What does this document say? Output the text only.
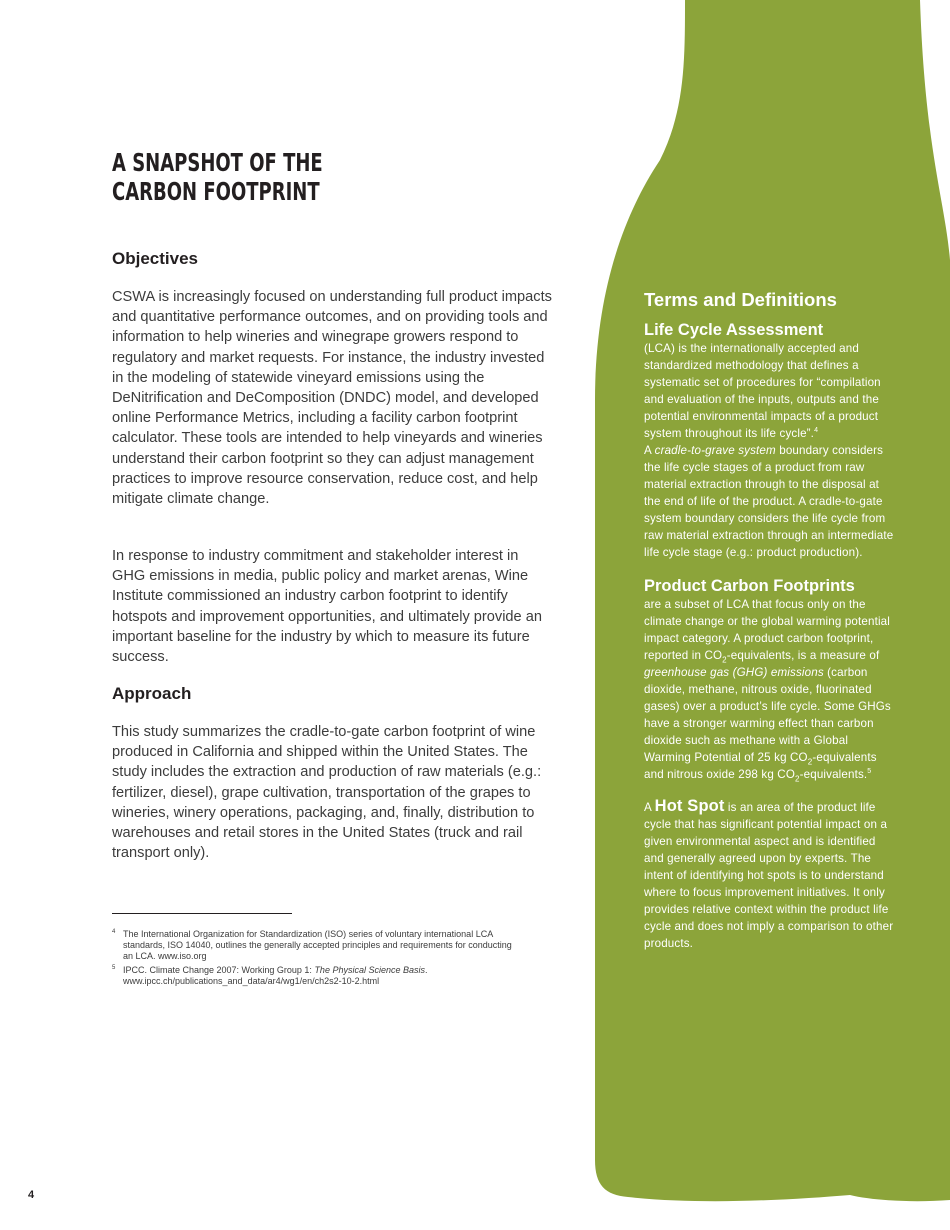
A SNAPSHOT OF THE
CARBON FOOTPRINT
Objectives
CSWA is increasingly focused on understanding full product impacts and quantitative performance outcomes, and on providing tools and information to help wineries and winegrape growers respond to regulatory and market requests. For instance, the industry invested in the modeling of statewide vineyard emissions using the DeNitrification and DeComposition (DNDC) model, and developed online Performance Metrics, including a facility carbon footprint calculator. These tools are intended to help vineyards and wineries understand their carbon footprint so they can adjust management practices to improve resource conservation, reduce cost, and help mitigate climate change.
In response to industry commitment and stakeholder interest in GHG emissions in media, public policy and market arenas, Wine Institute commissioned an industry carbon footprint to identify hotspots and improvement opportunities, and ultimately provide an important baseline for the industry by which to measure its future success.
Approach
This study summarizes the cradle-to-gate carbon footprint of wine produced in California and shipped within the United States. The study includes the extraction and production of raw materials (e.g.: fertilizer, diesel), grape cultivation, transportation of the grapes to wineries, winery operations, packaging, and, finally, distribution to warehouses and retail stores in the United States (truck and rail transport only).
4 The International Organization for Standardization (ISO) series of voluntary international LCA standards, ISO 14040, outlines the generally accepted principles and requirements for conducting an LCA. www.iso.org
5 IPCC. Climate Change 2007: Working Group 1: The Physical Science Basis. www.ipcc.ch/publications_and_data/ar4/wg1/en/ch2s2-10-2.html
4
Terms and Definitions
Life Cycle Assessment

(LCA) is the internationally accepted and standardized methodology that defines a systematic set of procedures for “compilation and evaluation of the inputs, outputs and the potential environmental impacts of a product system throughout its life cycle”.$^4$
A cradle-to-grave system boundary considers the life cycle stages of a product from raw material extraction through to the disposal at the end of life of the product. A cradle-to-gate system boundary considers the life cycle from raw material extraction through an intermediate life cycle stage (e.g.: product production).

Product Carbon Footprints

are a subset of LCA that focus only on the climate change or the global warming potential impact category. A product carbon footprint, reported in $CO_2$-equivalents, is a measure of greenhouse gas (GHG) emissions (carbon dioxide, methane, nitrous oxide, fluorinated gases) over a product’s life cycle. Some GHGs have a stronger warming effect than carbon dioxide such as methane with a Global Warming Potential of 25 kg $CO_2$-equivalents and nitrous oxide 298 kg $CO_2-equivalents.^5$

A Hot Spot is an area of the product life cycle that has significant potential impact on a given environmental aspect and is identified and generally agreed upon by experts. The intent of identifying hot spots is to understand where to focus improvement initiatives. It only provides relative context within the product life cycle and does not imply a comparison to other products.
